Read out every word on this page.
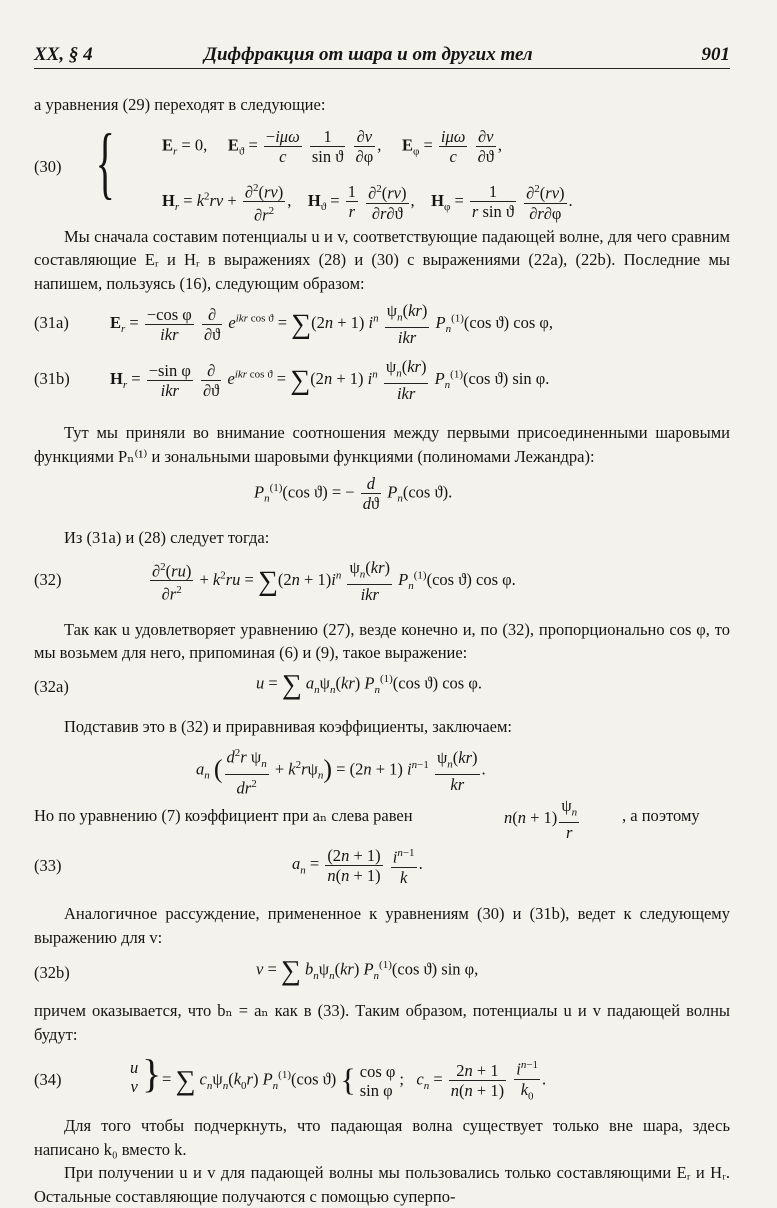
XX, § 4	Диффракция от шара и от других тел	901

а уравнения (29) переходят в следующие:

(30) {	$E_r = 0$,     $E_ϑ = \frac{\text{−iμω}}{c}$
$\frac{1}{\text{sin ϑ}}$
$\frac{\partial v}{\partial\varphi}$ ,     $E_\varphi = \frac{\text{iμω}}{c}$
$\frac{\partial v}{\partial ϑ}$ ,
$H_r = k^2rv + \frac{\partial^2(rv)}{\partial r^2}$ ,    $H_ϑ = \frac{1}{r}$
$\frac{\partial^2(rv)}{\partial r\partial ϑ}$ ,    $H_\varphi = \frac{1}{\text{r sin ϑ}}$
$\frac{\partial^2(rv)}{\partial r\partial\varphi}$ .

Мы сначала составим потенциалы u и v, соответствующие падающей волне, для чего сравним составляющие Eᵣ и Hᵣ в выражениях (28) и (30) с выражениями (22a), (22b). Последние мы напишем, пользуясь (16), следующим образом:

(31a) $E_r = \frac{\text{−cos φ}}{\text{ikr}}$
$\frac{\partial}{\partial ϑ} e^{ikr cos ϑ} = \sum(2n + 1)$ $i^n \frac{\psi_n(kr)}{\text{ikr}} P_n^{(1)}(\cos$ ϑ) cos φ,
(31b) $H_r = \frac{\text{−sin φ}}{\text{ikr}}$
$\frac{\partial}{\partial ϑ} e^{ikr cos ϑ} = \sum(2n + 1)$ $i^n \frac{\psi_n(kr)}{\text{ikr}} P_n^{(1)}(\cos$ ϑ) sin φ.

Тут мы приняли во внимание соотношения между первыми присоединенными шаровыми функциями Pₙ⁽¹⁾ и зональными шаровыми функциями (полиномами Лежандра):

$P_n^{(1)}(\cos$ ϑ) = − $\frac{d}{dϑ} P_n(\cos$ ϑ).

Из (31a) и (28) следует тогда:

(32)	$\frac{\partial^2(ru)}{\partial r^2} + k^2ru = \sum(2n + 1)i^n \frac{\psi_n(kr)}{\text{ikr}} P_n^{(1)}(\cos$ ϑ) cos φ.

Так как u удовлетворяет уравнению (27), везде конечно и, по (32), пропорционально cos φ, то мы возьмем для него, припоминая (6) и (9), такое выражение:

(32a)	u = ∑ $a_n\psi_n(kr)$ $P_n^{(1)}(\cos$ ϑ) cos φ.

Подставив это в (32) и приравнивая коэффициенты, заключаем:

$a_n$ ( $\frac{d^2r \psi_n}{dr^2} + k^2r\psi_n) = (2n + 1)$ $i^{n-1} \frac{\psi_n(kr)}{kr}$ .
Но по уравнению (7) коэффициент при aₙ слева равен	$n(n + 1) \frac{\psi_n}{r}$	, а поэтому
(33)	$a_n = \frac{(2n + 1)}{n(n + 1)}$
$\frac{i^{n-1}}{k}$ .

Аналогичное рассуждение, примененное к уравнениям (30) и (31b), ведет к следующему выражению для v:

(32b)	v = ∑ $b_n\psi_n(kr)$ $P_n^{(1)}(\cos$ ϑ) sin φ,

причем оказывается, что bₙ = aₙ как в (33). Таким образом, потенциалы u и v падающей волны будут:

(34)
u
v } = ∑ $c_n\psi_n(k_0r)$ $P_n^{(1)}(\cos$ ϑ) { cos φ
sin φ
;   $c_n = \frac{2n + 1}{n(n + 1)}$
$\frac{i^{n-1}}{k_0}$ .

Для того чтобы подчеркнуть, что падающая волна существует только вне шара, здесь написано k₀ вместо k.

При получении u и v для падающей волны мы пользовались только составляющими Eᵣ и Hᵣ. Остальные составляющие получаются с помощью суперпо-
